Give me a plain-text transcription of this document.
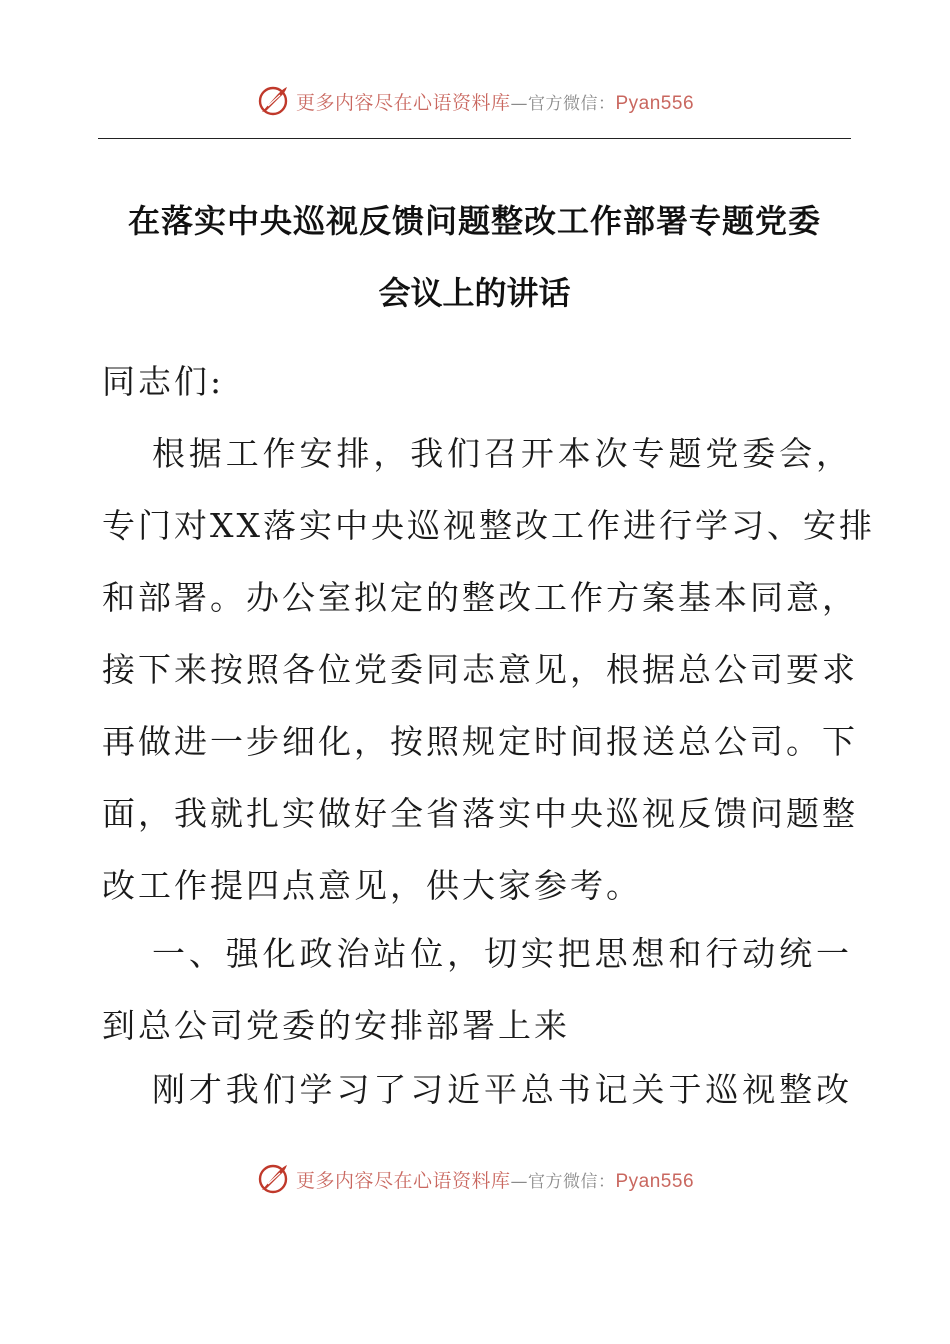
更多内容尽在心语资料库—官方微信：Pyan556
在落实中央巡视反馈问题整改工作部署专题党委
会议上的讲话
同志们:
根据工作安排，我们召开本次专题党委会，
专门对XX落实中央巡视整改工作进行学习、安排
和部署。办公室拟定的整改工作方案基本同意，
接下来按照各位党委同志意见，根据总公司要求
再做进一步细化，按照规定时间报送总公司。下
面，我就扎实做好全省落实中央巡视反馈问题整
改工作提四点意见，供大家参考。
一、强化政治站位，切实把思想和行动统一
到总公司党委的安排部署上来
刚才我们学习了习近平总书记关于巡视整改
更多内容尽在心语资料库—官方微信：Pyan556
